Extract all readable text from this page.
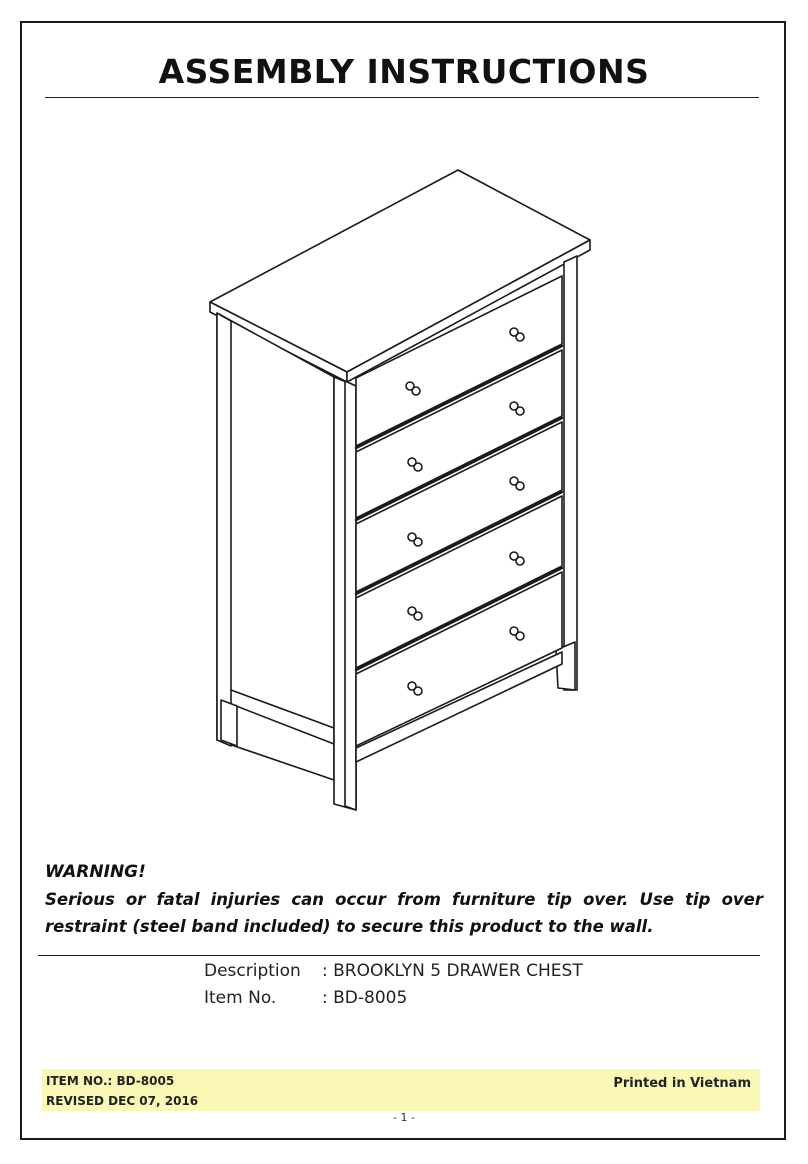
ASSEMBLY INSTRUCTIONS
WARNING!
Serious or fatal injuries can occur from furniture tip over. Use tip over restraint (steel band included) to secure this product to the wall.
Description : BROOKLYN 5 DRAWER CHEST
Item No.	: BD-8005
ITEM NO.: BD-8005
REVISED DEC 07, 2016
Printed in Vietnam
- 1 -
